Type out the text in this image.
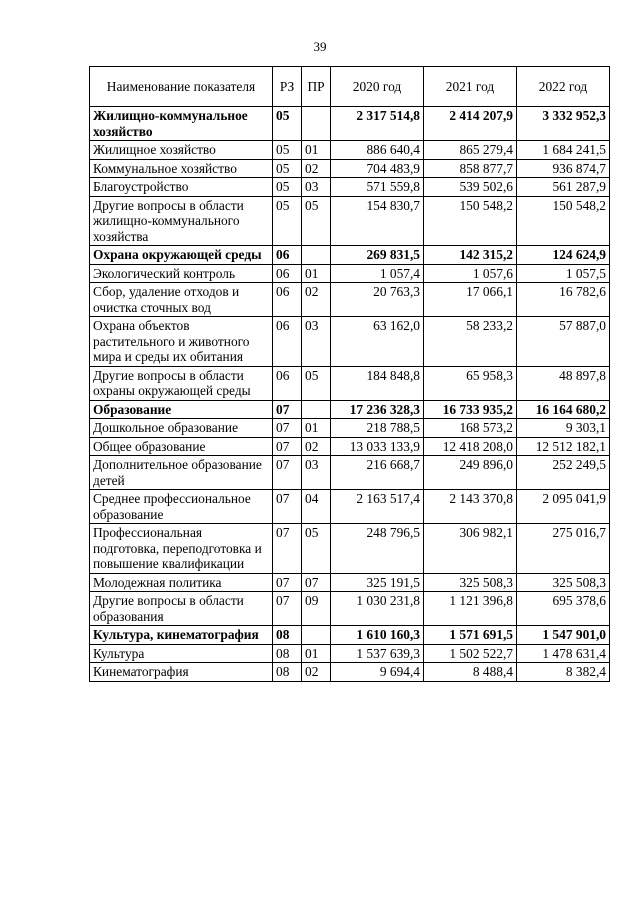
39
Наименование показателя	РЗ	ПР	2020 год	2021 год	2022 год
Жилищно-коммунальное хозяйство	05		2 317 514,8	2 414 207,9	3 332 952,3
Жилищное хозяйство	05	01	886 640,4	865 279,4	1 684 241,5
Коммунальное хозяйство	05	02	704 483,9	858 877,7	936 874,7
Благоустройство	05	03	571 559,8	539 502,6	561 287,9
Другие вопросы в области жилищно-коммунального хозяйства	05	05	154 830,7	150 548,2	150 548,2
Охрана окружающей среды	06		269 831,5	142 315,2	124 624,9
Экологический контроль	06	01	1 057,4	1 057,6	1 057,5
Сбор, удаление отходов и очистка сточных вод	06	02	20 763,3	17 066,1	16 782,6
Охрана объектов растительного и животного мира и среды их обитания	06	03	63 162,0	58 233,2	57 887,0
Другие вопросы в области охраны окружающей среды	06	05	184 848,8	65 958,3	48 897,8
Образование	07		17 236 328,3	16 733 935,2	16 164 680,2
Дошкольное образование	07	01	218 788,5	168 573,2	9 303,1
Общее образование	07	02	13 033 133,9	12 418 208,0	12 512 182,1
Дополнительное образование детей	07	03	216 668,7	249 896,0	252 249,5
Среднее профессиональное образование	07	04	2 163 517,4	2 143 370,8	2 095 041,9
Профессиональная подготовка, переподготовка и повышение квалификации	07	05	248 796,5	306 982,1	275 016,7
Молодежная политика	07	07	325 191,5	325 508,3	325 508,3
Другие вопросы в области образования	07	09	1 030 231,8	1 121 396,8	695 378,6
Культура, кинематография	08		1 610 160,3	1 571 691,5	1 547 901,0
Культура	08	01	1 537 639,3	1 502 522,7	1 478 631,4
Кинематография	08	02	9 694,4	8 488,4	8 382,4
